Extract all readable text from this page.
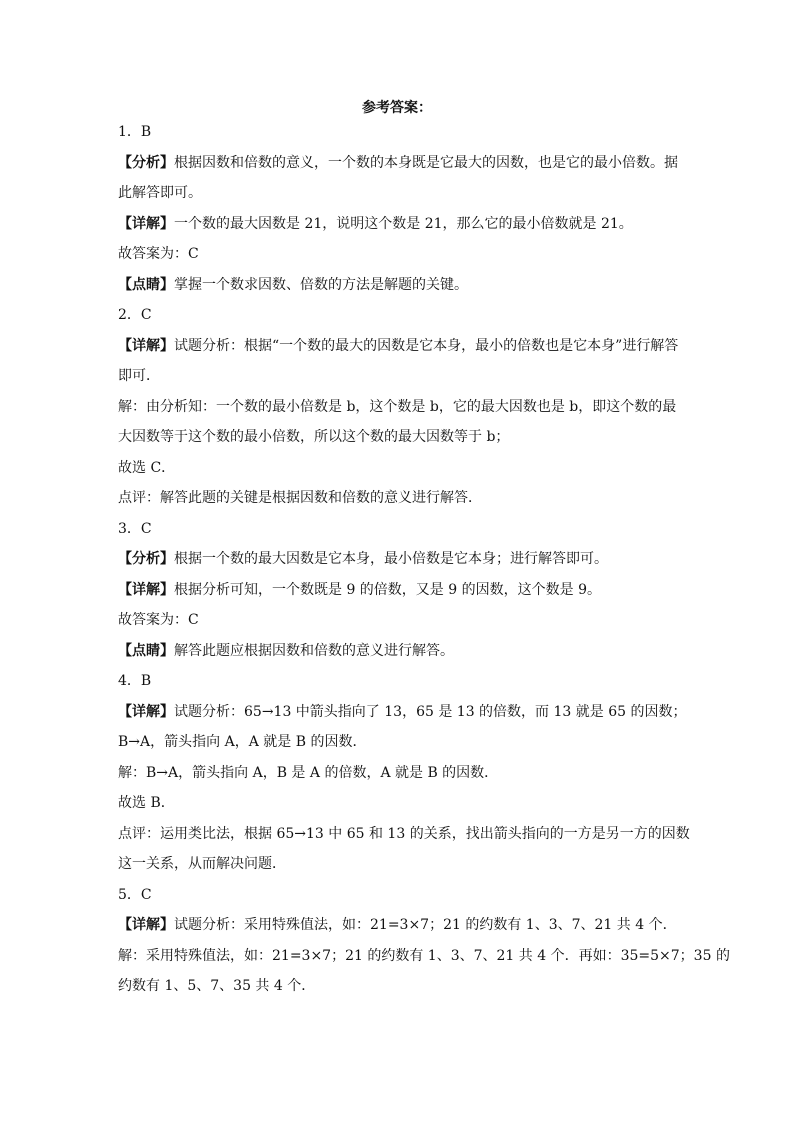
参考答案：
1．B
【分析】根据因数和倍数的意义，一个数的本身既是它最大的因数，也是它的最小倍数。据
此解答即可。
【详解】一个数的最大因数是 21，说明这个数是 21，那么它的最小倍数就是 21。
故答案为：C
【点睛】掌握一个数求因数、倍数的方法是解题的关键。
2．C
【详解】试题分析：根据“一个数的最大的因数是它本身，最小的倍数也是它本身”进行解答
即可．
解：由分析知：一个数的最小倍数是 b，这个数是 b，它的最大因数也是 b，即这个数的最
大因数等于这个数的最小倍数，所以这个数的最大因数等于 b；
故选 C．
点评：解答此题的关键是根据因数和倍数的意义进行解答．
3．C
【分析】根据一个数的最大因数是它本身，最小倍数是它本身；进行解答即可。
【详解】根据分析可知，一个数既是 9 的倍数，又是 9 的因数，这个数是 9。
故答案为：C
【点睛】解答此题应根据因数和倍数的意义进行解答。
4．B
【详解】试题分析：65→13 中箭头指向了 13，65 是 13 的倍数，而 13 就是 65 的因数；
B→A，箭头指向 A，A 就是 B 的因数．
解：B→A，箭头指向 A，B 是 A 的倍数，A 就是 B 的因数．
故选 B．
点评：运用类比法，根据 65→13 中 65 和 13 的关系，找出箭头指向的一方是另一方的因数
这一关系，从而解决问题．
5．C
【详解】试题分析：采用特殊值法，如：21=3×7；21 的约数有 1、3、7、21 共 4 个．
解：采用特殊值法，如：21=3×7；21 的约数有 1、3、7、21 共 4 个．再如：35=5×7；35 的
约数有 1、5、7、35 共 4 个．
